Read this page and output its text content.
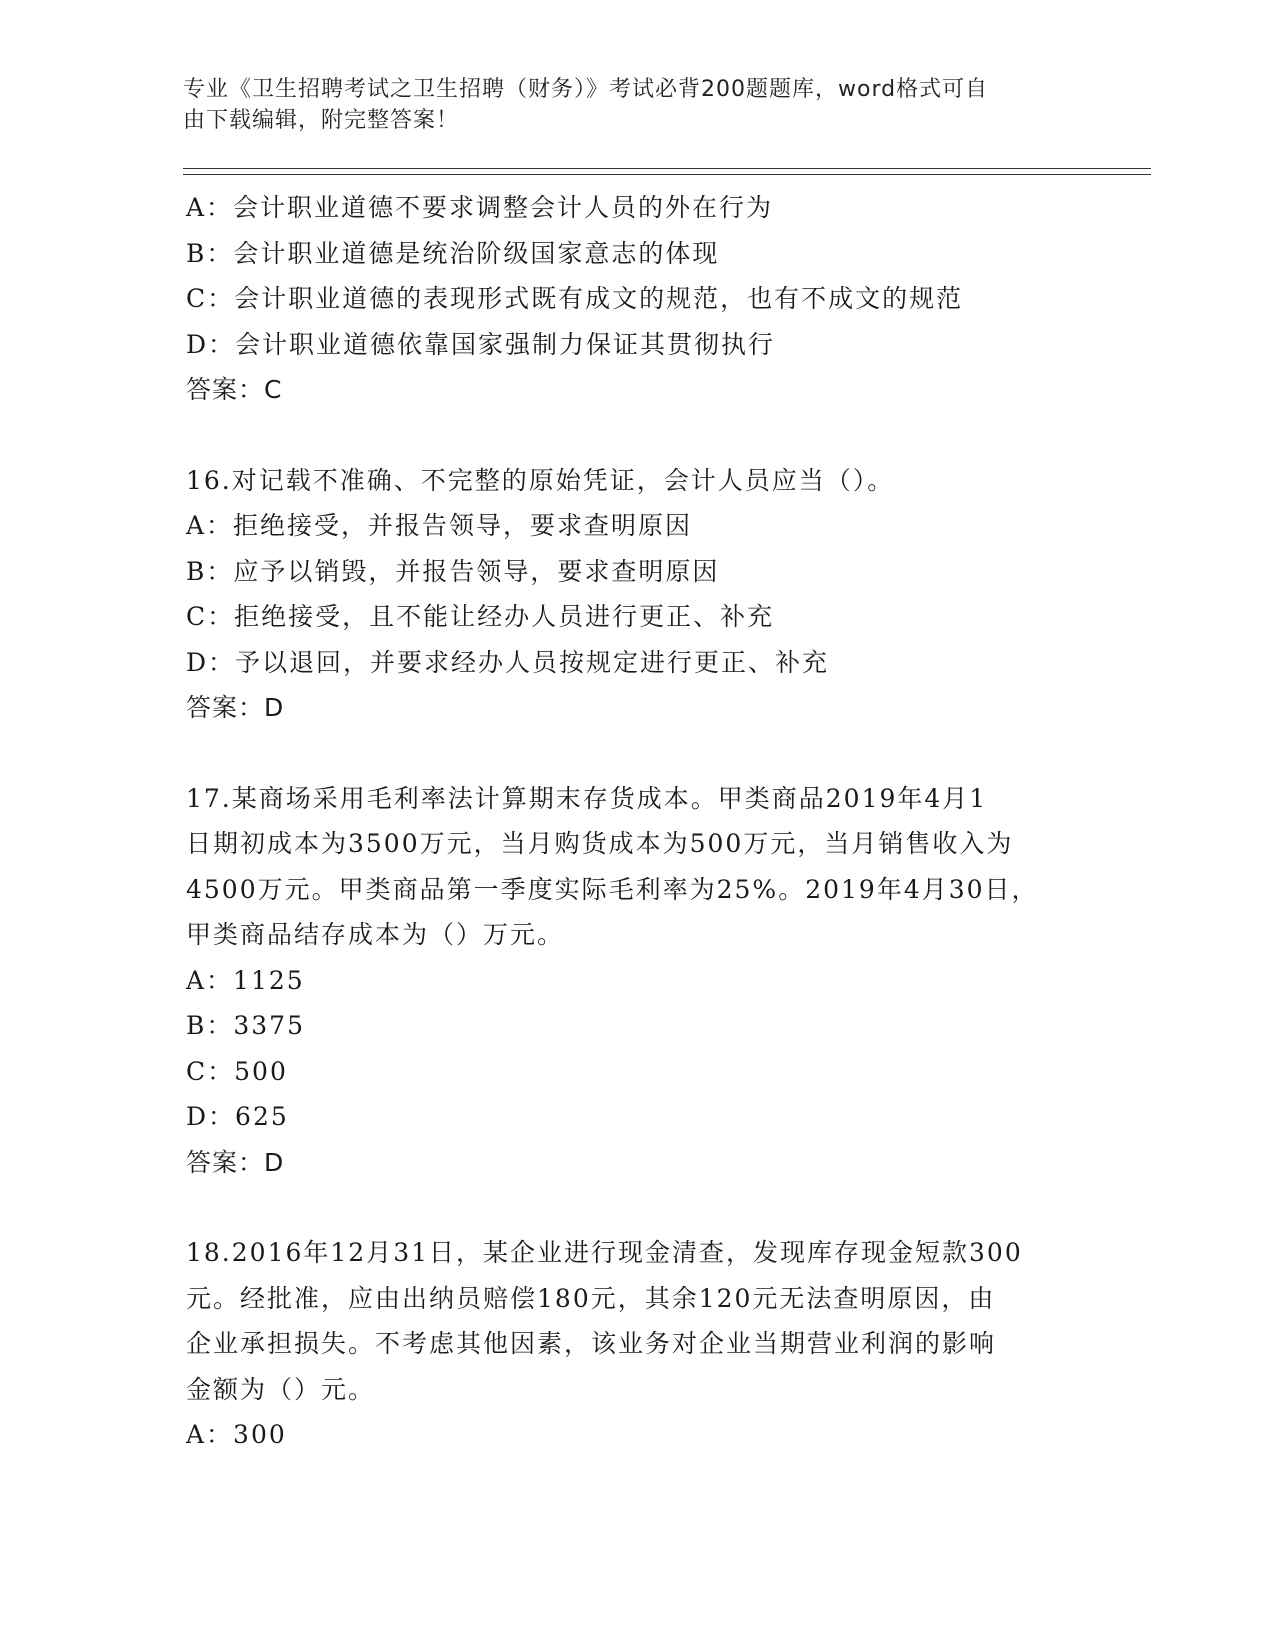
专业《卫生招聘考试之卫生招聘（财务）》考试必背200题题库，word格式可自
由下载编辑，附完整答案！
A：会计职业道德不要求调整会计人员的外在行为
B：会计职业道德是统治阶级国家意志的体现
C：会计职业道德的表现形式既有成文的规范，也有不成文的规范
D：会计职业道德依靠国家强制力保证其贯彻执行
答案：C
16.对记载不准确、不完整的原始凭证，会计人员应当（）。
A：拒绝接受，并报告领导，要求查明原因
B：应予以销毁，并报告领导，要求查明原因
C：拒绝接受，且不能让经办人员进行更正、补充
D：予以退回，并要求经办人员按规定进行更正、补充
答案：D
17.某商场采用毛利率法计算期末存货成本。甲类商品2019年4月1
日期初成本为3500万元，当月购货成本为500万元，当月销售收入为
4500万元。甲类商品第一季度实际毛利率为25%。2019年4月30日，
甲类商品结存成本为（）万元。
A：1125
B：3375
C：500
D：625
答案：D
18.2016年12月31日，某企业进行现金清查，发现库存现金短款300
元。经批准，应由出纳员赔偿180元，其余120元无法查明原因，由
企业承担损失。不考虑其他因素，该业务对企业当期营业利润的影响
金额为（）元。
A：300
